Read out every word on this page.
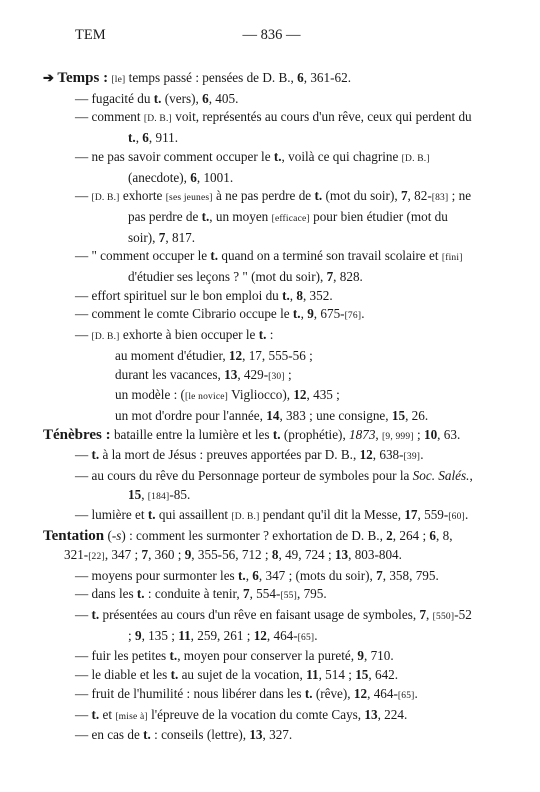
TEM	— 836 —
➔ Temps : [le] temps passé : pensées de D. B., 6, 361-62.
— fugacité du t. (vers), 6, 405.
— comment [D. B.] voit, représentés au cours d'un rêve, ceux qui perdent du t., 6, 911.
— ne pas savoir comment occuper le t., voilà ce qui chagrine [D. B.] (anecdote), 6, 1001.
— [D. B.] exhorte [ses jeunes] à ne pas perdre de t. (mot du soir), 7, 82-[83] ; ne pas perdre de t., un moyen [efficace] pour bien étudier (mot du soir), 7, 817.
— " comment occuper le t. quand on a terminé son travail scolaire et [fini] d'étudier ses leçons ? " (mot du soir), 7, 828.
— effort spirituel sur le bon emploi du t., 8, 352.
— comment le comte Cibrario occupe le t., 9, 675-[76].
— [D. B.] exhorte à bien occuper le t. :
au moment d'étudier, 12, 17, 555-56 ;
durant les vacances, 13, 429-[30] ;
un modèle : ([le novice] Viglioccо), 12, 435 ;
un mot d'ordre pour l'année, 14, 383 ; une consigne, 15, 26.
Ténèbres : bataille entre la lumière et les t. (prophétie), 1873, [9, 999] ; 10, 63.
— t. à la mort de Jésus : preuves apportées par D. B., 12, 638-[39].
— au cours du rêve du Personnage porteur de symboles pour la Soc. Salés., 15, [184]-85.
— lumière et t. qui assaillent [D. B.] pendant qu'il dit la Messe, 17, 559-[60].
Tentation (-s) : comment les surmonter ? exhortation de D. B., 2, 264 ; 6, 8, 321-[22], 347 ; 7, 360 ; 9, 355-56, 712 ; 8, 49, 724 ; 13, 803-804.
— moyens pour surmonter les t., 6, 347 ; (mots du soir), 7, 358, 795.
— dans les t. : conduite à tenir, 7, 554-[55], 795.
— t. présentées au cours d'un rêve en faisant usage de symboles, 7, [550]-52 ; 9, 135 ; 11, 259, 261 ; 12, 464-[65].
— fuir les petites t., moyen pour conserver la pureté, 9, 710.
— le diable et les t. au sujet de la vocation, 11, 514 ; 15, 642.
— fruit de l'humilité : nous libérer dans les t. (rêve), 12, 464-[65].
— t. et [mise à] l'épreuve de la vocation du comte Cays, 13, 224.
— en cas de t. : conseils (lettre), 13, 327.
